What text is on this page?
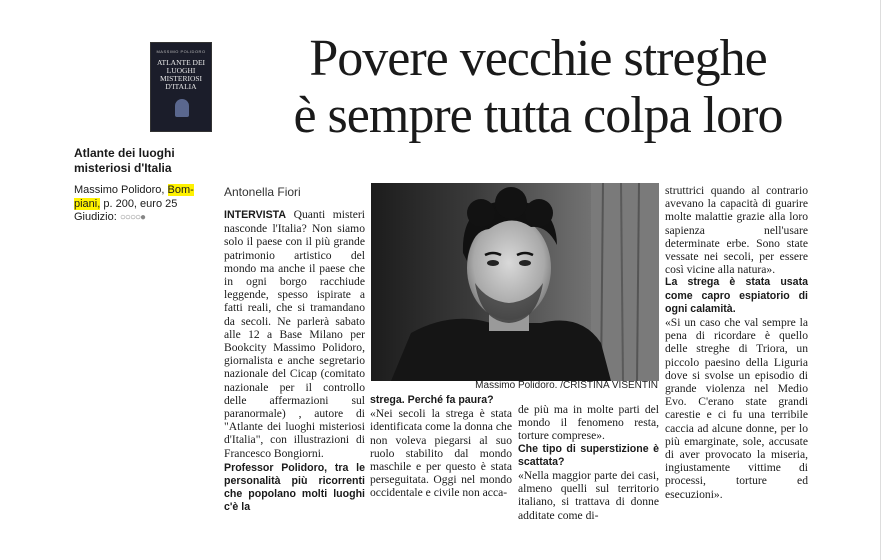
MASSIMO POLIDORO
ATLANTE DEI LUOGHI MISTERIOSI D'ITALIA
Atlante dei luoghi
misteriosi d'Italia
Massimo Polidoro, Bom-
piani, p. 200, euro 25
Giudizio: ○○○○●
Povere vecchie streghe
è sempre tutta colpa loro
Antonella Fiori
Massimo Polidoro. /CRISTINA VISENTIN

INTERVISTA Quanti misteri nasconde l'Italia? Non siamo solo il paese con il più grande patrimonio artistico del mondo ma anche il paese che in ogni borgo racchiude leggende, spesso ispirate a fatti reali, che si tramandano da secoli. Ne parlerà sabato alle 12 a Base Milano per Bookcity Massimo Polidoro, giornalista e anche segretario nazionale del Cicap (comitato nazionale per il controllo delle affermazioni sul paranormale) , autore di "Atlante dei luoghi misteriosi d'Italia", con illustrazioni di Francesco Bongiorni.

Professor Polidoro, tra le personalità più ricorrenti che popolano molti luoghi c'è la

strega. Perché fa paura?

«Nei secoli la strega è stata identificata come la donna che non voleva piegarsi al suo ruolo stabilito dal mondo maschile e per questo è stata perseguitata. Oggi nel mondo occidentale e civile non acca-

de più ma in molte parti del mondo il fenomeno resta, torture comprese».

Che tipo di superstizione è scattata?

«Nella maggior parte dei casi, almeno quelli sul territorio italiano, si trattava di donne additate come di-

struttrici quando al contrario avevano la capacità di guarire molte malattie grazie alla loro sapienza nell'usare determinate erbe. Sono state vessate nei secoli, per essere così vicine alla natura».

La strega è stata usata come capro espiatorio di ogni calamità.

«Si un caso che val sempre la pena di ricordare è quello delle streghe di Triora, un piccolo paesino della Liguria dove si svolse un episodio di grande violenza nel Medio Evo. C'erano state grandi carestie e ci fu una terribile caccia ad alcune donne, per lo più emarginate, sole, accusate di aver provocato la miseria, ingiustamente vittime di processi, torture ed esecuzioni».
